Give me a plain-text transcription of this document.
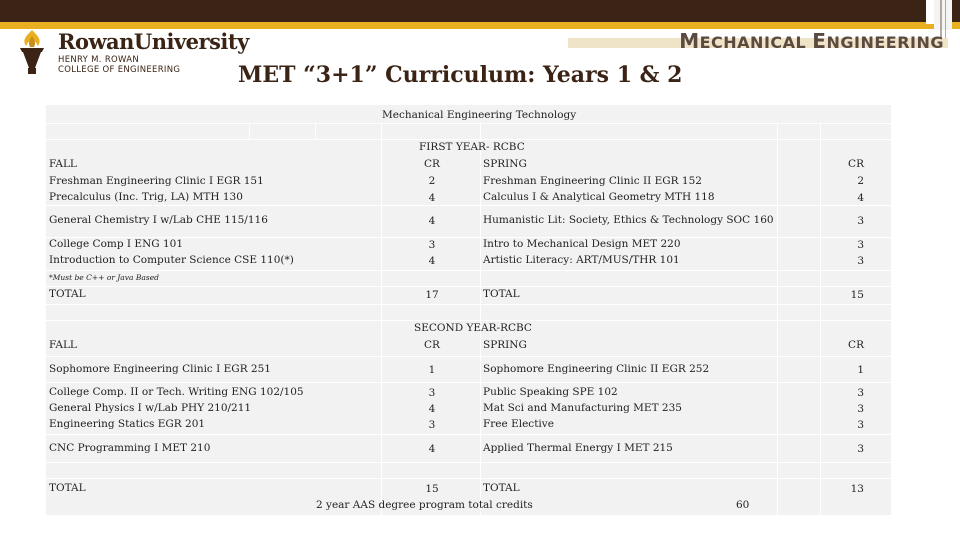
RowanUniversity
HENRY M. ROWAN
COLLEGE OF ENGINEERING
MECHANICAL ENGINEERING
MET “3+1” Curriculum: Years 1 & 2
Mechanical Engineering Technology
FIRST YEAR- RCBC
FALL	CR	SPRING	CR
Freshman Engineering Clinic I EGR 151	2	Freshman Engineering Clinic II EGR 152	2
Precalculus (Inc. Trig, LA) MTH 130	4	Calculus I & Analytical Geometry MTH 118	4
General Chemistry I w/Lab CHE 115/116	4	Humanistic Lit: Society, Ethics & Technology SOC 160	3
College Comp I ENG 101	3	Intro to Mechanical Design MET 220	3
Introduction to Computer Science CSE 110(*)	4	Artistic Literacy: ART/MUS/THR 101	3
*Must be C++ or Java Based
TOTAL	17	TOTAL	15
SECOND YEAR-RCBC
FALL	CR	SPRING	CR
Sophomore Engineering Clinic I EGR 251	1	Sophomore Engineering Clinic II EGR 252	1
College Comp. II or Tech. Writing ENG 102/105	3	Public Speaking SPE 102	3
General Physics I w/Lab PHY 210/211	4	Mat Sci and Manufacturing MET 235	3
Engineering Statics EGR 201	3	Free Elective	3
CNC Programming I MET 210	4	Applied Thermal Energy I MET 215	3
TOTAL	15	TOTAL	13
2 year AAS degree program total credits	60
